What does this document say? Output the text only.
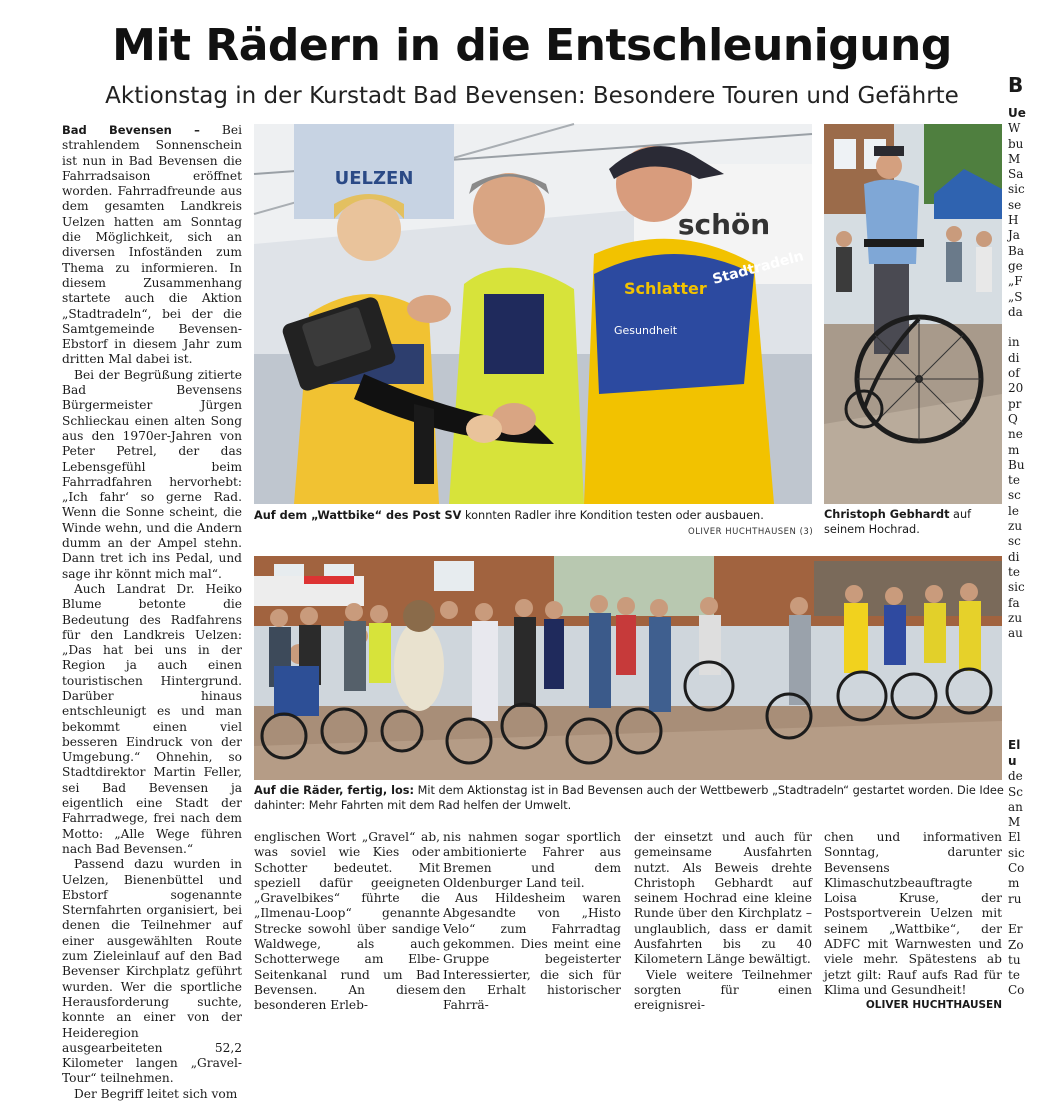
Mit Rädern in die Entschleunigung
Aktionstag in der Kurstadt Bad Bevensen: Besondere Touren und Gefährte

Bad Bevensen – Bei strahlendem Sonnenschein ist nun in Bad Bevensen die Fahrradsaison eröffnet worden. Fahrradfreunde aus dem gesamten Landkreis Uelzen hatten am Sonntag die Möglichkeit, sich an diversen Infoständen zum Thema zu informieren. In diesem Zusammenhang startete auch die Aktion „Stadtradeln“, bei der die Samtgemeinde Bevensen-Ebstorf in diesem Jahr zum dritten Mal dabei ist.

Bei der Begrüßung zitierte Bad Bevensens Bürgermeister Jürgen Schlieckau einen alten Song aus den 1970er-Jahren von Peter Petrel, der das Lebensgefühl beim Fahrradfahren hervorhebt: „Ich fahr‘ so gerne Rad. Wenn die Sonne scheint, die Winde wehn, und die Andern dumm an der Ampel stehn. Dann tret ich ins Pedal, und sage ihr könnt mich mal“.

Auch Landrat Dr. Heiko Blume betonte die Bedeutung des Radfahrens für den Landkreis Uelzen: „Das hat bei uns in der Region ja auch einen touristischen Hintergrund. Darüber hinaus entschleunigt es und man bekommt einen viel besseren Eindruck von der Umgebung.“ Ohnehin, so Stadtdirektor Martin Feller, sei Bad Bevensen ja eigentlich eine Stadt der Fahrradwege, frei nach dem Motto: „Alle Wege führen nach Bad Bevensen.“

Passend dazu wurden in Uelzen, Bienenbüttel und Ebstorf sogenannte Sternfahrten organisiert, bei denen die Teilnehmer auf einer ausgewählten Route zum Zieleinlauf auf den Bad Bevenser Kirchplatz geführt wurden. Wer die sportliche Herausforderung suchte, konnte an einer von der Heideregion ausgearbeiteten 52,2 Kilometer langen „Gravel-Tour“ teilnehmen.

Der Begriff leitet sich vom

UELZEN
schön
Schlatter
Stadtradeln
Gesundheit
Auf dem „Wattbike“ des Post SV konnten Radler ihre Kondition testen oder ausbauen.
OLIVER HUCHTHAUSEN (3)
Christoph Gebhardt auf seinem Hochrad.
Auf die Räder, fertig, los: Mit dem Aktionstag ist in Bad Bevensen auch der Wettbewerb „Stadtradeln“ gestartet worden. Die Idee dahinter: Mehr Fahrten mit dem Rad helfen der Umwelt.

englischen Wort „Gravel“ ab, was soviel wie Kies oder Schotter bedeutet. Mit speziell dafür geeigneten „Gravelbikes“ führte die „Ilmenau-Loop“ genannte Strecke sowohl über sandige Waldwege, als auch Schotterwege am Elbe-Seitenkanal rund um Bad Bevensen. An diesem besonderen Erleb-

nis nahmen sogar sportlich ambitionierte Fahrer aus Bremen und dem Oldenburger Land teil.

Aus Hildesheim waren Abgesandte von „Histo Velo“ zum Fahrradtag gekommen. Dies meint eine Gruppe begeisterter Interessierter, die sich für den Erhalt historischer Fahrrä-

der einsetzt und auch für gemeinsame Ausfahrten nutzt. Als Beweis drehte Christoph Gebhardt auf seinem Hochrad eine kleine Runde über den Kirchplatz – unglaublich, dass er damit Ausfahrten bis zu 40 Kilometern Länge bewältigt.

Viele weitere Teilnehmer sorgten für einen ereignisrei-

chen und informativen Sonntag, darunter Bevensens Klimaschutzbeauftragte Loisa Kruse, der Postsportverein Uelzen mit seinem „Wattbike“, der ADFC mit Warnwesten und viele mehr. Spätestens ab jetzt gilt: Rauf aufs Rad für Klima und Gesundheit!

OLIVER HUCHTHAUSEN
B
Ue
W
bu
M
Sa
sic
se
H
Ja
Ba
ge
„F
„S
da

in
di
of
20
pr
Q
ne
m
Bu
te
sc
le
zu
sc
di
te
sic
fa
zu
au
El
u
de
Sc
an
M
El
sic
Co
m
ru

Er
Zo
tu
te
Co
